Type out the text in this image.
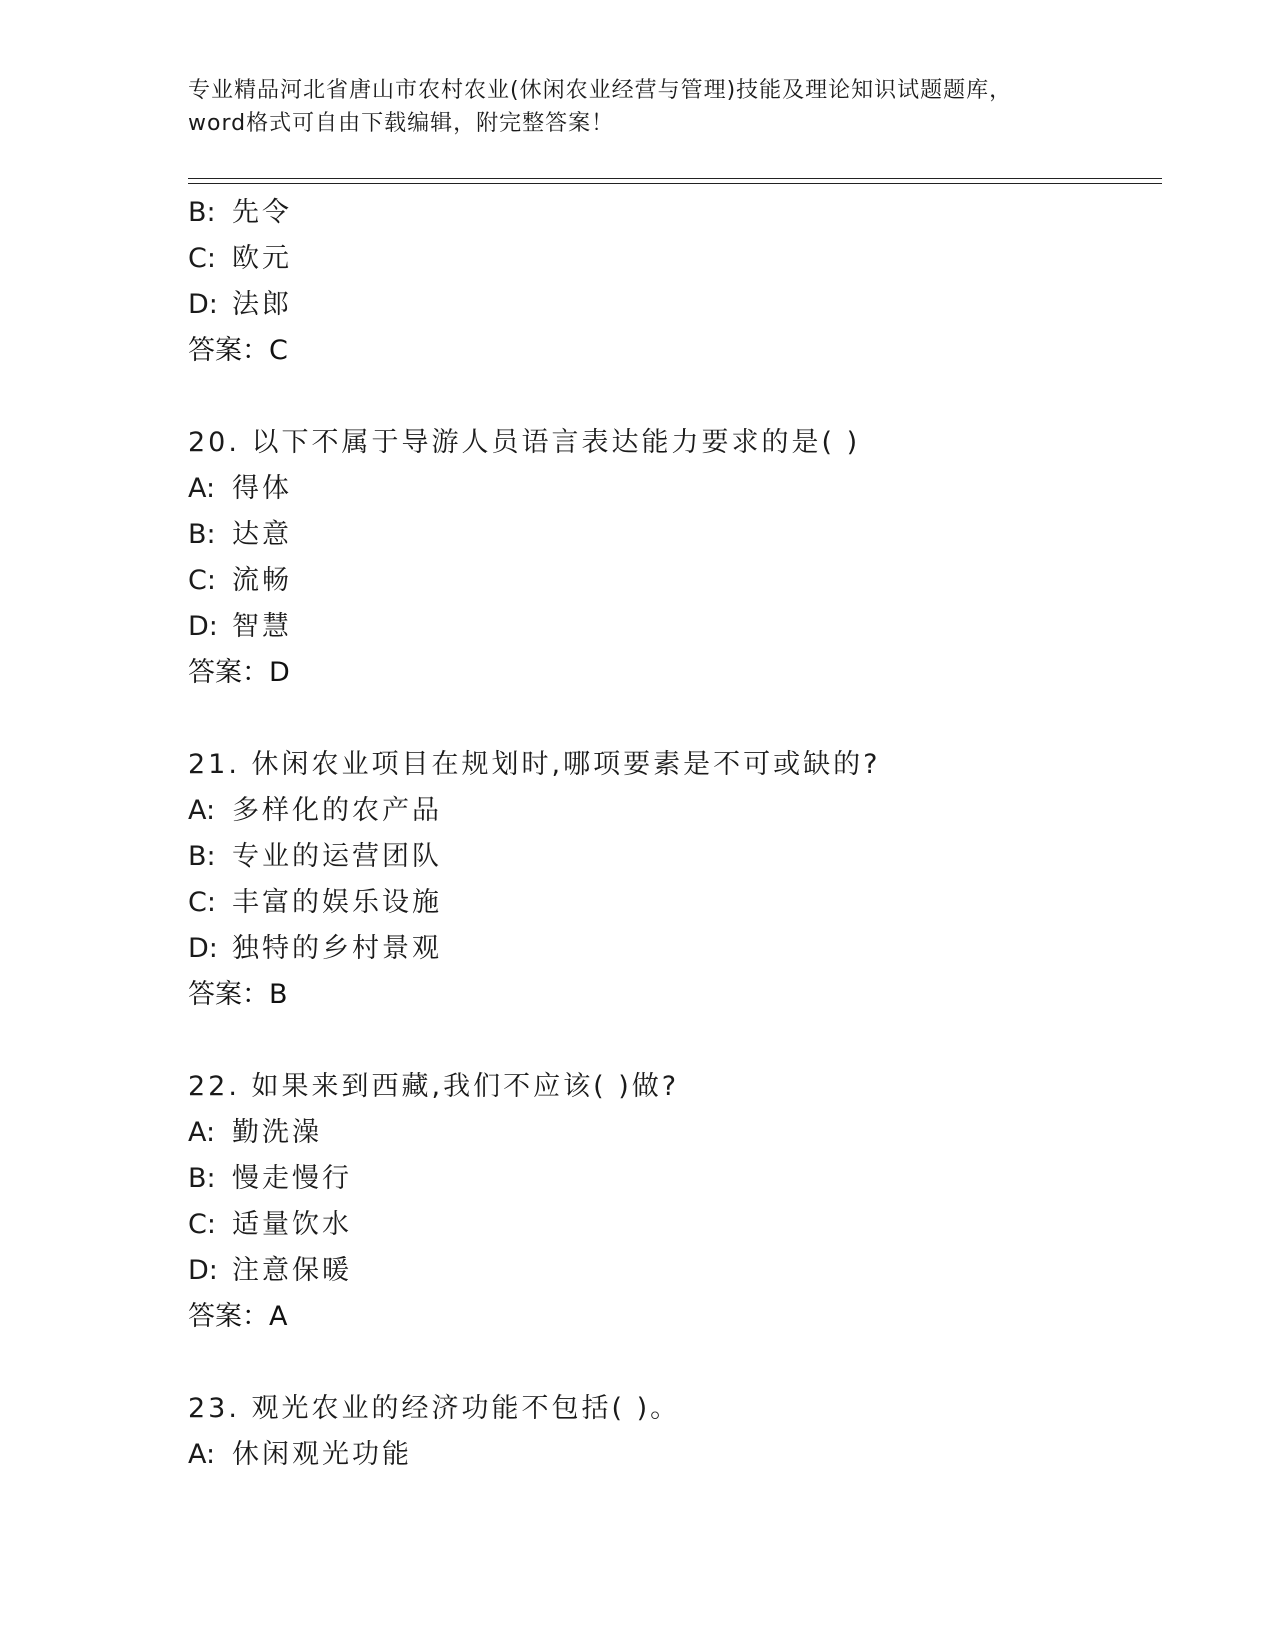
专业精品河北省唐山市农村农业(休闲农业经营与管理)技能及理论知识试题题库，
word格式可自由下载编辑，附完整答案！
B: 先令
C: 欧元
D: 法郎
答案：C
20. 以下不属于导游人员语言表达能力要求的是( )
A: 得体
B: 达意
C: 流畅
D: 智慧
答案：D
21. 休闲农业项目在规划时,哪项要素是不可或缺的?
A: 多样化的农产品
B: 专业的运营团队
C: 丰富的娱乐设施
D: 独特的乡村景观
答案：B
22. 如果来到西藏,我们不应该( )做?
A: 勤洗澡
B: 慢走慢行
C: 适量饮水
D: 注意保暖
答案：A
23. 观光农业的经济功能不包括( )。
A: 休闲观光功能
